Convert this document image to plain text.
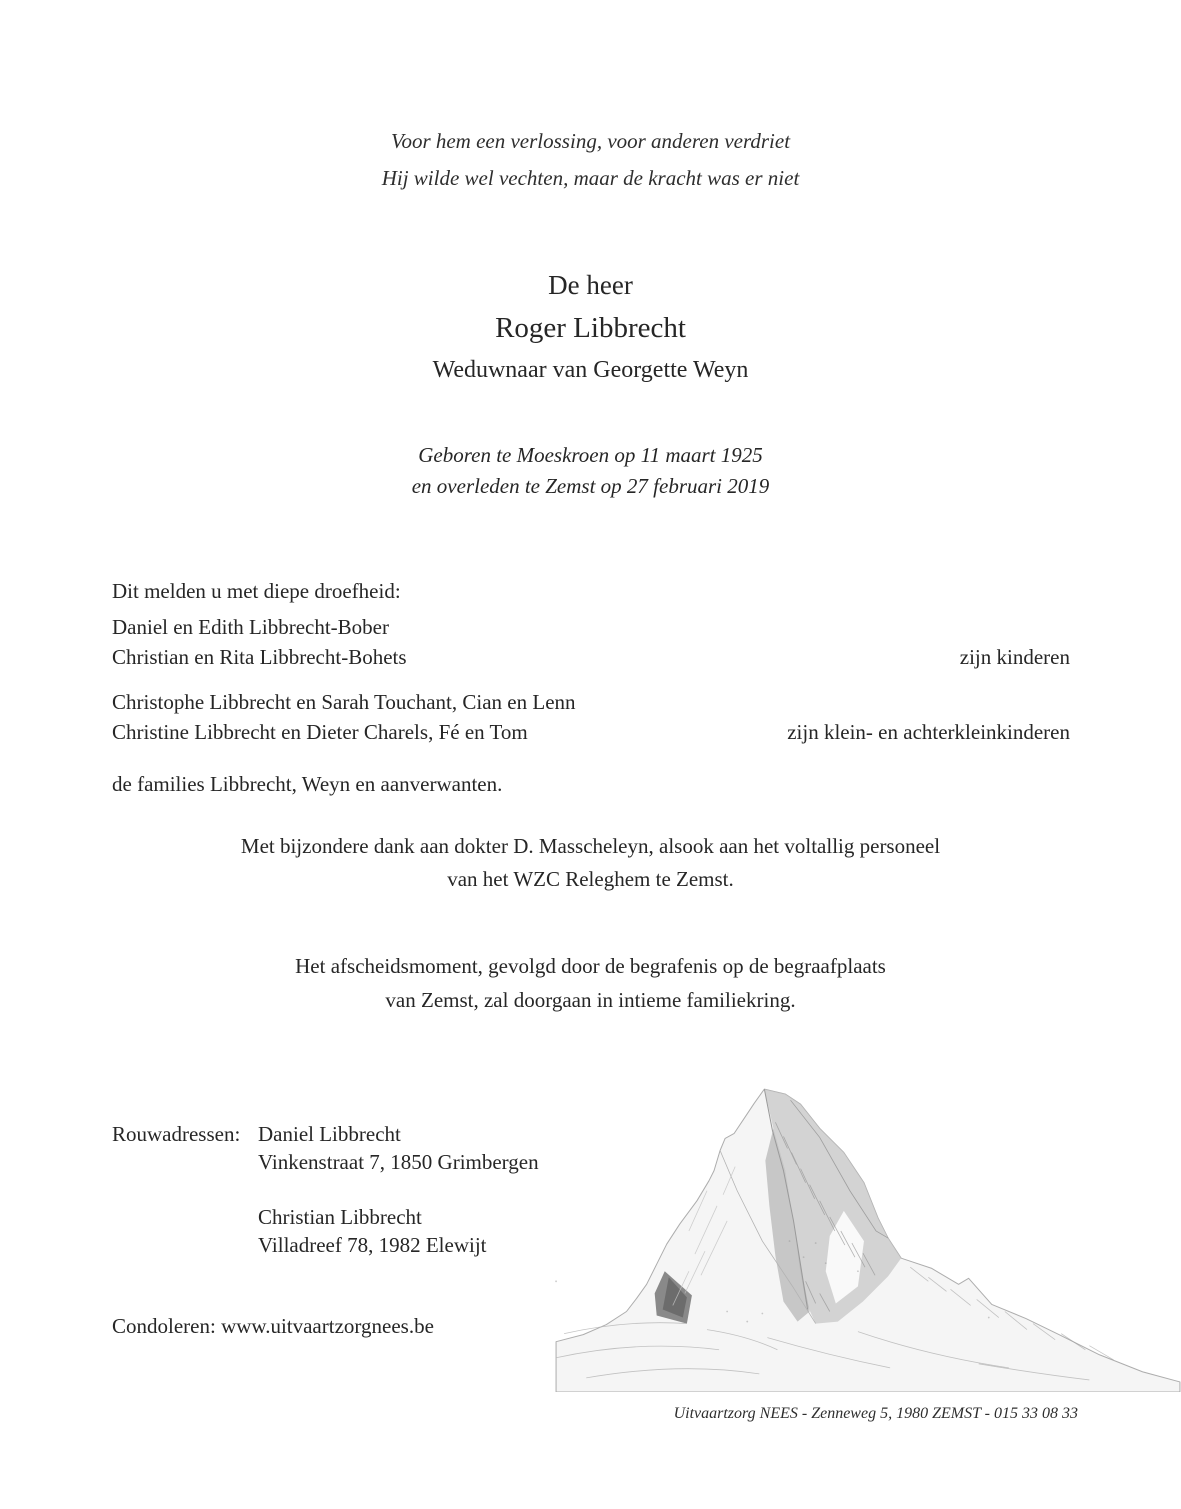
Voor hem een verlossing, voor anderen verdriet
Hij wilde wel vechten, maar de kracht was er niet
De heer
Roger Libbrecht
Weduwnaar van Georgette Weyn
Geboren te Moeskroen op 11 maart 1925
en overleden te Zemst op 27 februari 2019
Dit melden u met diepe droefheid:
Daniel en Edith Libbrecht-Bober
Christian en Rita Libbrecht-Bohets	zijn kinderen
Christophe Libbrecht en Sarah Touchant, Cian en Lenn
Christine Libbrecht en Dieter Charels, Fé en Tom	zijn klein- en achterkleinkinderen
de families Libbrecht, Weyn en aanverwanten.
Met bijzondere dank aan dokter D. Masscheleyn, alsook aan het voltallig personeel
van het WZC Releghem te Zemst.
Het afscheidsmoment, gevolgd door de begrafenis op de begraafplaats
van Zemst, zal doorgaan in intieme familiekring.
Rouwadressen: Daniel Libbrecht
Vinkenstraat 7, 1850 Grimbergen
Christian Libbrecht
Villadreef 78, 1982 Elewijt
Condoleren: www.uitvaartzorgnees.be
Uitvaartzorg NEES - Zenneweg 5, 1980 ZEMST - 015 33 08 33
